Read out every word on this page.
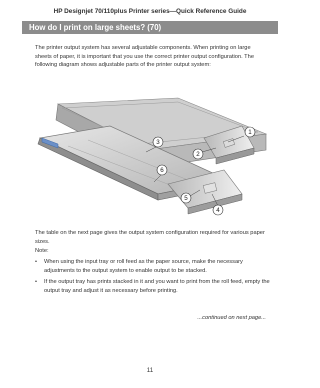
HP Designjet 70/110plus Printer series—Quick Reference Guide
How do I print on large sheets? (70)

The printer output system has several adjustable components. When printing on large sheets of paper, it is important that you use the correct printer output configuration. The following diagram shows adjustable parts of the printer output system:

1
2
3
4
5
6

The table on the next page gives the output system configuration required for various paper sizes.

Note:

• When using the input tray or roll feed as the paper source, make the necessary adjustments to the output system to enable output to be stacked.
• If the output tray has prints stacked in it and you want to print from the roll feed, empty the output tray and adjust it as necessary before printing.
...continued on next page...
11
